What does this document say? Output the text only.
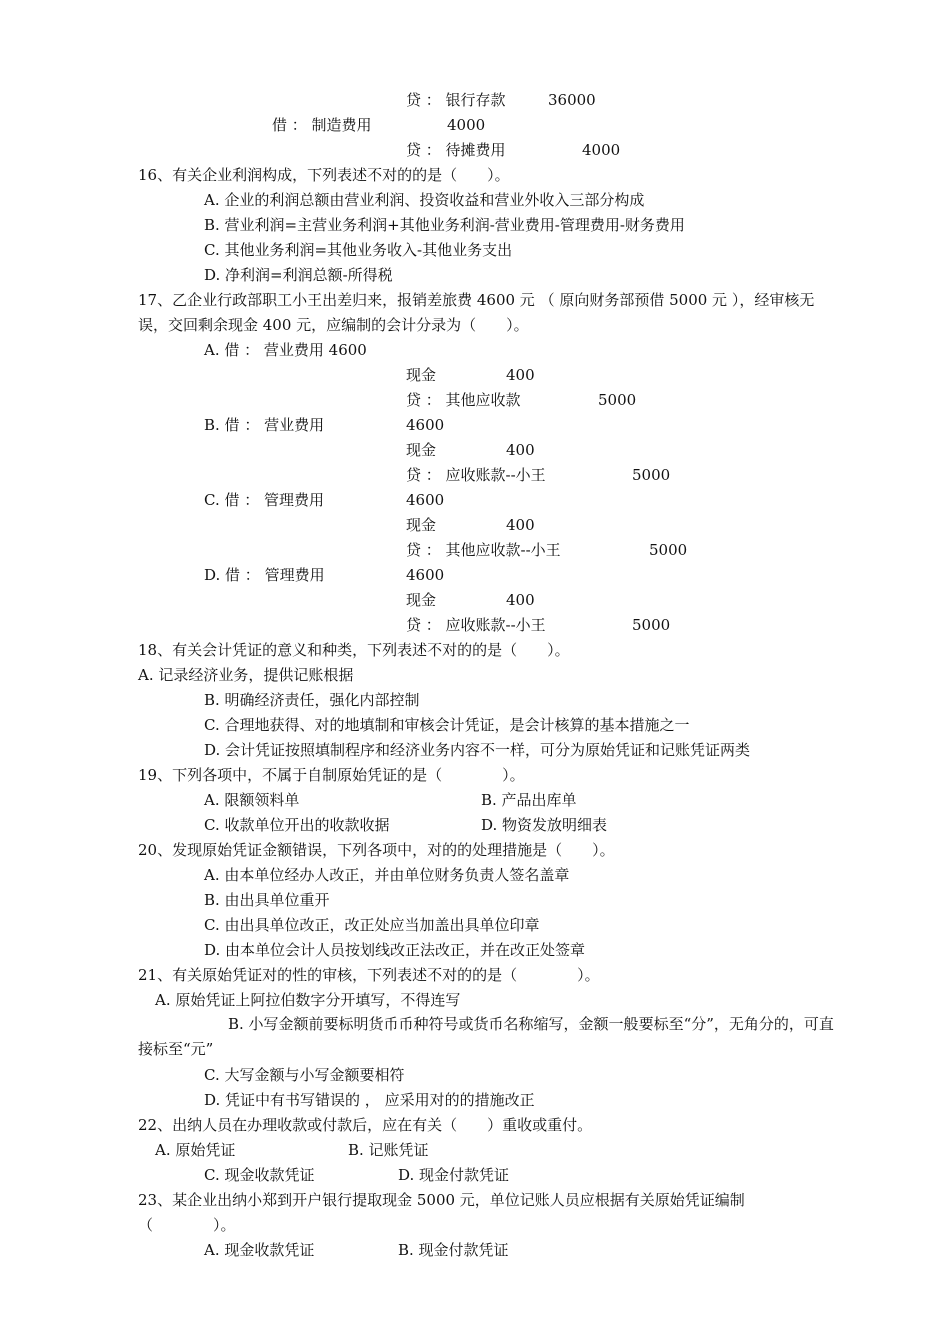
贷 ： 银行存款	36000
借 ： 制造费用	4000
贷 ： 待摊费用	4000
16、有关企业利润构成，下列表述不对的的是（　　）。
A. 企业的利润总额由营业利润、投资收益和营业外收入三部分构成
B. 营业利润=主营业务利润+其他业务利润-营业费用-管理费用-财务费用
C. 其他业务利润=其他业务收入-其他业务支出
D. 净利润=利润总额-所得税
17、乙企业行政部职工小王出差归来，报销差旅费 4600 元 （ 原向财务部预借 5000 元 ），经审核无误，交回剩余现金 400 元，应编制的会计分录为（　　）。
A. 借 ： 营业费用 4600
现金	400
贷 ： 其他应收款	5000
B. 借 ： 营业费用	4600
现金	400
贷 ： 应收账款--小王	5000
C. 借 ： 管理费用	4600
现金	400
贷 ： 其他应收款--小王	5000
D. 借 ： 管理费用	4600
现金	400
贷 ： 应收账款--小王	5000
18、有关会计凭证的意义和种类，下列表述不对的的是（　　）。
A. 记录经济业务，提供记账根据
B. 明确经济责任，强化内部控制
C. 合理地获得、对的地填制和审核会计凭证，是会计核算的基本措施之一
D. 会计凭证按照填制程序和经济业务内容不一样，可分为原始凭证和记账凭证两类
19、下列各项中，不属于自制原始凭证的是（　　　　）。
A. 限额领料单	B. 产品出库单
C. 收款单位开出的收款收据	D. 物资发放明细表
20、发现原始凭证金额错误，下列各项中，对的的处理措施是（　　）。
A. 由本单位经办人改正，并由单位财务负责人签名盖章
B. 由出具单位重开
C. 由出具单位改正，改正处应当加盖出具单位印章
D. 由本单位会计人员按划线改正法改正，并在改正处签章
21、有关原始凭证对的性的审核，下列表述不对的的是（　　　　）。
A. 原始凭证上阿拉伯数字分开填写，不得连写
　　　　　　B. 小写金额前要标明货币币种符号或货币名称缩写，金额一般要标至“分”，无角分的，可直接标至“元”
C. 大写金额与小写金额要相符
D. 凭证中有书写错误的 ， 应采用对的的措施改正
22、出纳人员在办理收款或付款后，应在有关（　　）重收或重付。
A. 原始凭证	B. 记账凭证
C. 现金收款凭证	D. 现金付款凭证
23、某企业出纳小郑到开户银行提取现金 5000 元，单位记账人员应根据有关原始凭证编制
（　　　　）。
A. 现金收款凭证	B. 现金付款凭证
